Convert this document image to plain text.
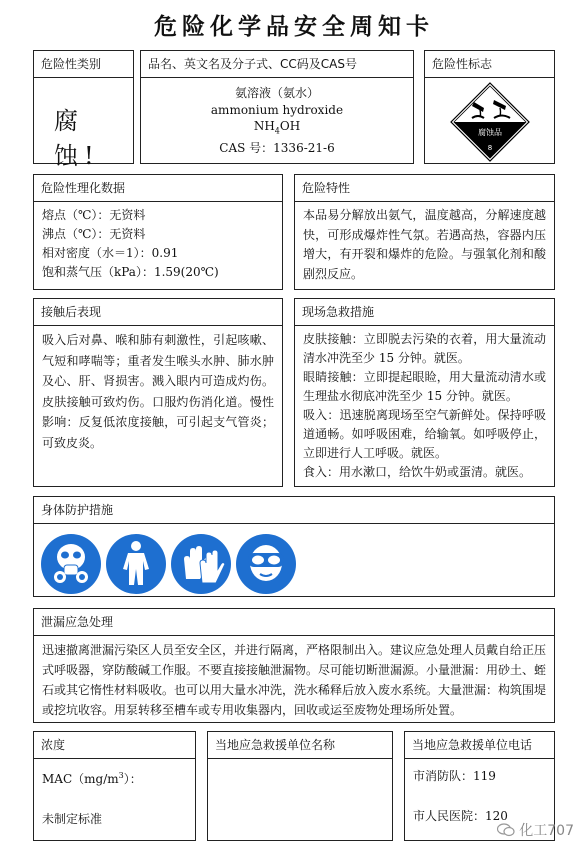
危险化学品安全周知卡
危险性类别
腐 蚀!
品名、英文名及分子式、CC码及CAS号
氨溶液（氨水）
ammonium hydroxide
$NH_4OH$
CAS 号：1336-21-6
危险性标志
腐蚀品
8
危险性理化数据

熔点（℃）：无资料

沸点（℃）：无资料

相对密度（水＝1）：0.91

饱和蒸气压（kPa）：1.59(20℃)

危险特性

本品易分解放出氨气，温度越高，分解速度越快，可形成爆炸性气氛。若遇高热，容器内压增大，有开裂和爆炸的危险。与强氧化剂和酸剧烈反应。

接触后表现

吸入后对鼻、喉和肺有刺激性，引起咳嗽、气短和哮喘等；重者发生喉头水肿、肺水肿及心、肝、肾损害。溅入眼内可造成灼伤。皮肤接触可致灼伤。口服灼伤消化道。慢性影响：反复低浓度接触，可引起支气管炎；可致皮炎。

现场急救措施

皮肤接触：立即脱去污染的衣着，用大量流动清水冲洗至少 15 分钟。就医。

眼睛接触：立即提起眼睑，用大量流动清水或生理盐水彻底冲洗至少 15 分钟。就医。

吸入：迅速脱离现场至空气新鲜处。保持呼吸道通畅。如呼吸困难，给输氧。如呼吸停止，立即进行人工呼吸。就医。

食入：用水漱口，给饮牛奶或蛋清。就医。

身体防护措施
泄漏应急处理

迅速撤离泄漏污染区人员至安全区，并进行隔离，严格限制出入。建议应急处理人员戴自给正压式呼吸器，穿防酸碱工作服。不要直接接触泄漏物。尽可能切断泄漏源。小量泄漏：用砂土、蛭石或其它惰性材料吸收。也可以用大量水冲洗，洗水稀释后放入废水系统。大量泄漏：构筑围堤或挖坑收容。用泵转移至槽车或专用收集器内，回收或运至废物处理场所处置。

浓度

$MAC(mg/m^3)$：

未制定标准

当地应急救援单位名称	当地应急救援单位电话

市消防队：119

市人民医院：120

化工707
